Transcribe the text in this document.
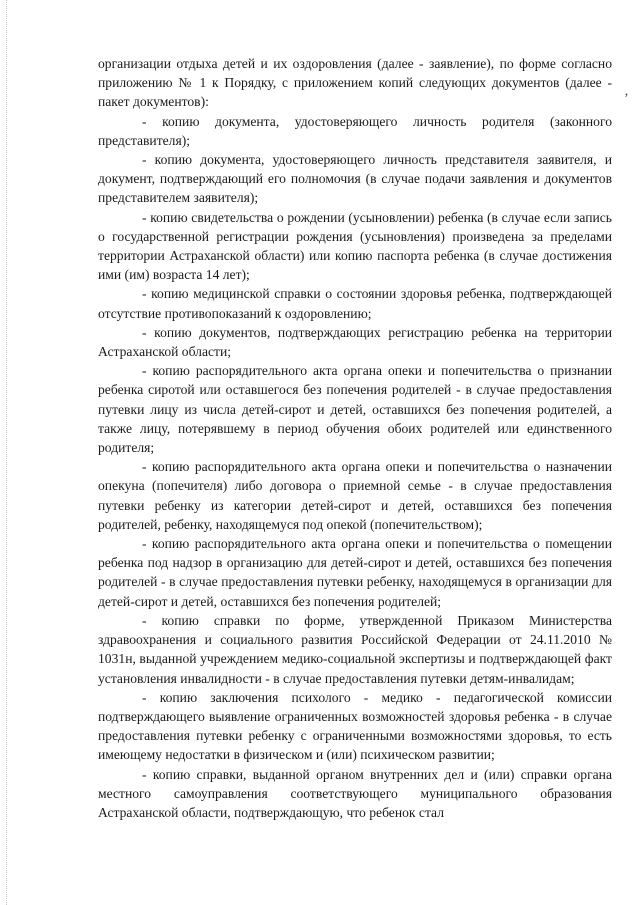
‚

организации отдыха детей и их оздоровления (далее - заявление), по форме согласно приложению № 1 к Порядку, с приложением копий следующих документов (далее - пакет документов):

- копию документа, удостоверяющего личность родителя (законного представителя);

- копию документа, удостоверяющего личность представителя заявителя, и документ, подтверждающий его полномочия (в случае подачи заявления и документов представителем заявителя);

- копию свидетельства о рождении (усыновлении) ребенка (в случае если запись о государственной регистрации рождения (усыновления) произведена за пределами территории Астраханской области) или копию паспорта ребенка (в случае достижения ими (им) возраста 14 лет);

- копию медицинской справки о состоянии здоровья ребенка, подтверждающей отсутствие противопоказаний к оздоровлению;

- копию документов, подтверждающих регистрацию ребенка на территории Астраханской области;

- копию распорядительного акта органа опеки и попечительства о признании ребенка сиротой или оставшегося без попечения родителей - в случае предоставления путевки лицу из числа детей-сирот и детей, оставшихся без попечения родителей, а также лицу, потерявшему в период обучения обоих родителей или единственного родителя;

- копию распорядительного акта органа опеки и попечительства о назначении опекуна (попечителя) либо договора о приемной семье - в случае предоставления путевки ребенку из категории детей-сирот и детей, оставшихся без попечения родителей, ребенку, находящемуся под опекой (попечительством);

- копию распорядительного акта органа опеки и попечительства о помещении ребенка под надзор в организацию для детей-сирот и детей, оставшихся без попечения родителей - в случае предоставления путевки ребенку, находящемуся в организации для детей-сирот и детей, оставшихся без попечения родителей;

- копию справки по форме, утвержденной Приказом Министерства здравоохранения и социального развития Российской Федерации от 24.11.2010 № 1031н, выданной учреждением медико-социальной экспертизы и подтверждающей факт установления инвалидности - в случае предоставления путевки детям-инвалидам;

- копию заключения психолого - медико - педагогической комиссии подтверждающего выявление ограниченных возможностей здоровья ребенка - в случае предоставления путевки ребенку с ограниченными возможностями здоровья, то есть имеющему недостатки в физическом и (или) психическом развитии;

- копию справки, выданной органом внутренних дел и (или) справки органа местного самоуправления соответствующего муниципального образования Астраханской области, подтверждающую, что ребенок стал
